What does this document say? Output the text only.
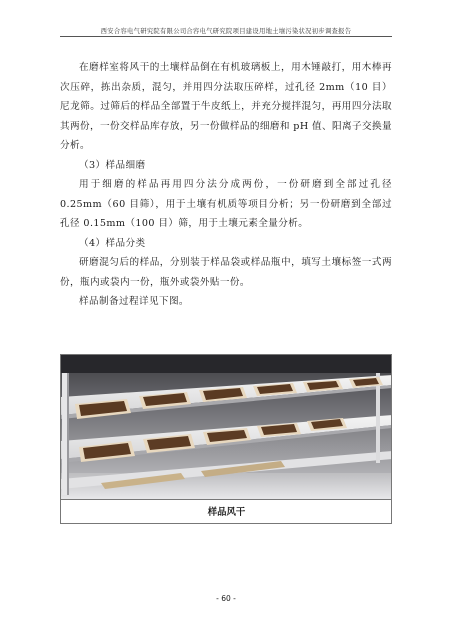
西安合容电气研究院有限公司合容电气研究院项目建设用地土壤污染状况初步调查报告

在磨样室将风干的土壤样品倒在有机玻璃板上，用木锤敲打，用木棒再次压碎，拣出杂质，混匀，并用四分法取压碎样，过孔径 2mm（10 目）尼龙筛。过筛后的样品全部置于牛皮纸上，并充分搅拌混匀，再用四分法取其两份，一份交样品库存放，另一份做样品的细磨和 pH 值、阳离子交换量分析。

（3）样品细磨

用于细磨的样品再用四分法分成两份，一份研磨到全部过孔径 0.25mm（60 目筛），用于土壤有机质等项目分析；另一份研磨到全部过孔径 0.15mm（100 目）筛，用于土壤元素全量分析。

（4）样品分类

研磨混匀后的样品，分别装于样品袋或样品瓶中，填写土壤标签一式两份，瓶内或袋内一份，瓶外或袋外贴一份。

样品制备过程详见下图。

样品风干
- 60 -
